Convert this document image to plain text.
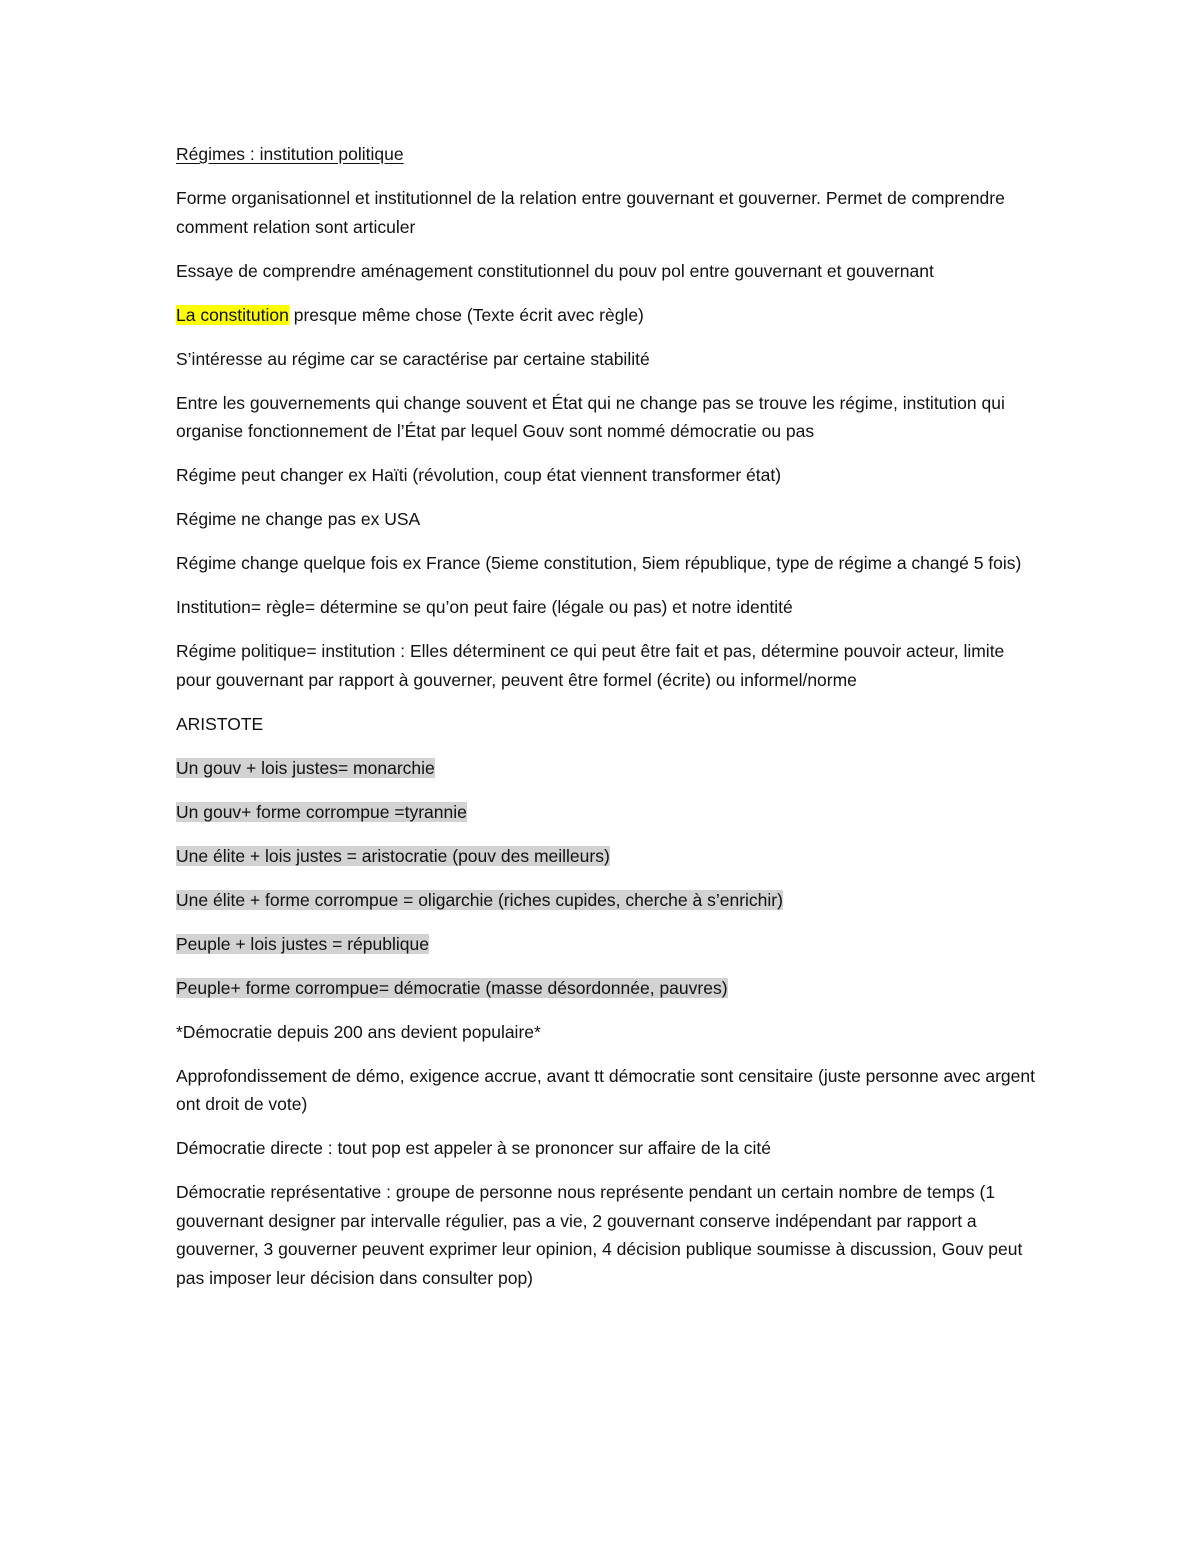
Régimes : institution politique

Forme organisationnel et institutionnel de la relation entre gouvernant et gouverner. Permet de comprendre comment relation sont articuler

Essaye de comprendre aménagement constitutionnel du pouv pol entre gouvernant et gouvernant

La constitution presque même chose (Texte écrit avec règle)

S’intéresse au régime car se caractérise par certaine stabilité

Entre les gouvernements qui change souvent et État qui ne change pas se trouve les régime, institution qui organise fonctionnement de l’État par lequel Gouv sont nommé démocratie ou pas

Régime peut changer ex Haïti (révolution, coup état viennent transformer état)

Régime ne change pas ex USA

Régime change quelque fois ex France (5ieme constitution, 5iem république, type de régime a changé 5 fois)

Institution= règle= détermine se qu’on peut faire (légale ou pas) et notre identité

Régime politique= institution : Elles déterminent ce qui peut être fait et pas, détermine pouvoir acteur, limite pour gouvernant par rapport à gouverner, peuvent être formel (écrite) ou informel/norme

ARISTOTE

Un gouv + lois justes= monarchie

Un gouv+ forme corrompue =tyrannie

Une élite + lois justes = aristocratie (pouv des meilleurs)

Une élite + forme corrompue = oligarchie (riches cupides, cherche à s’enrichir)

Peuple + lois justes = république

Peuple+ forme corrompue= démocratie (masse désordonnée, pauvres)

*Démocratie depuis 200 ans devient populaire*

Approfondissement de démo, exigence accrue, avant tt démocratie sont censitaire (juste personne avec argent ont droit de vote)

Démocratie directe : tout pop est appeler à se prononcer sur affaire de la cité

Démocratie représentative : groupe de personne nous représente pendant un certain nombre de temps (1 gouvernant designer par intervalle régulier, pas a vie, 2 gouvernant conserve indépendant par rapport a gouverner, 3 gouverner peuvent exprimer leur opinion, 4 décision publique soumisse à discussion, Gouv peut pas imposer leur décision dans consulter pop)
